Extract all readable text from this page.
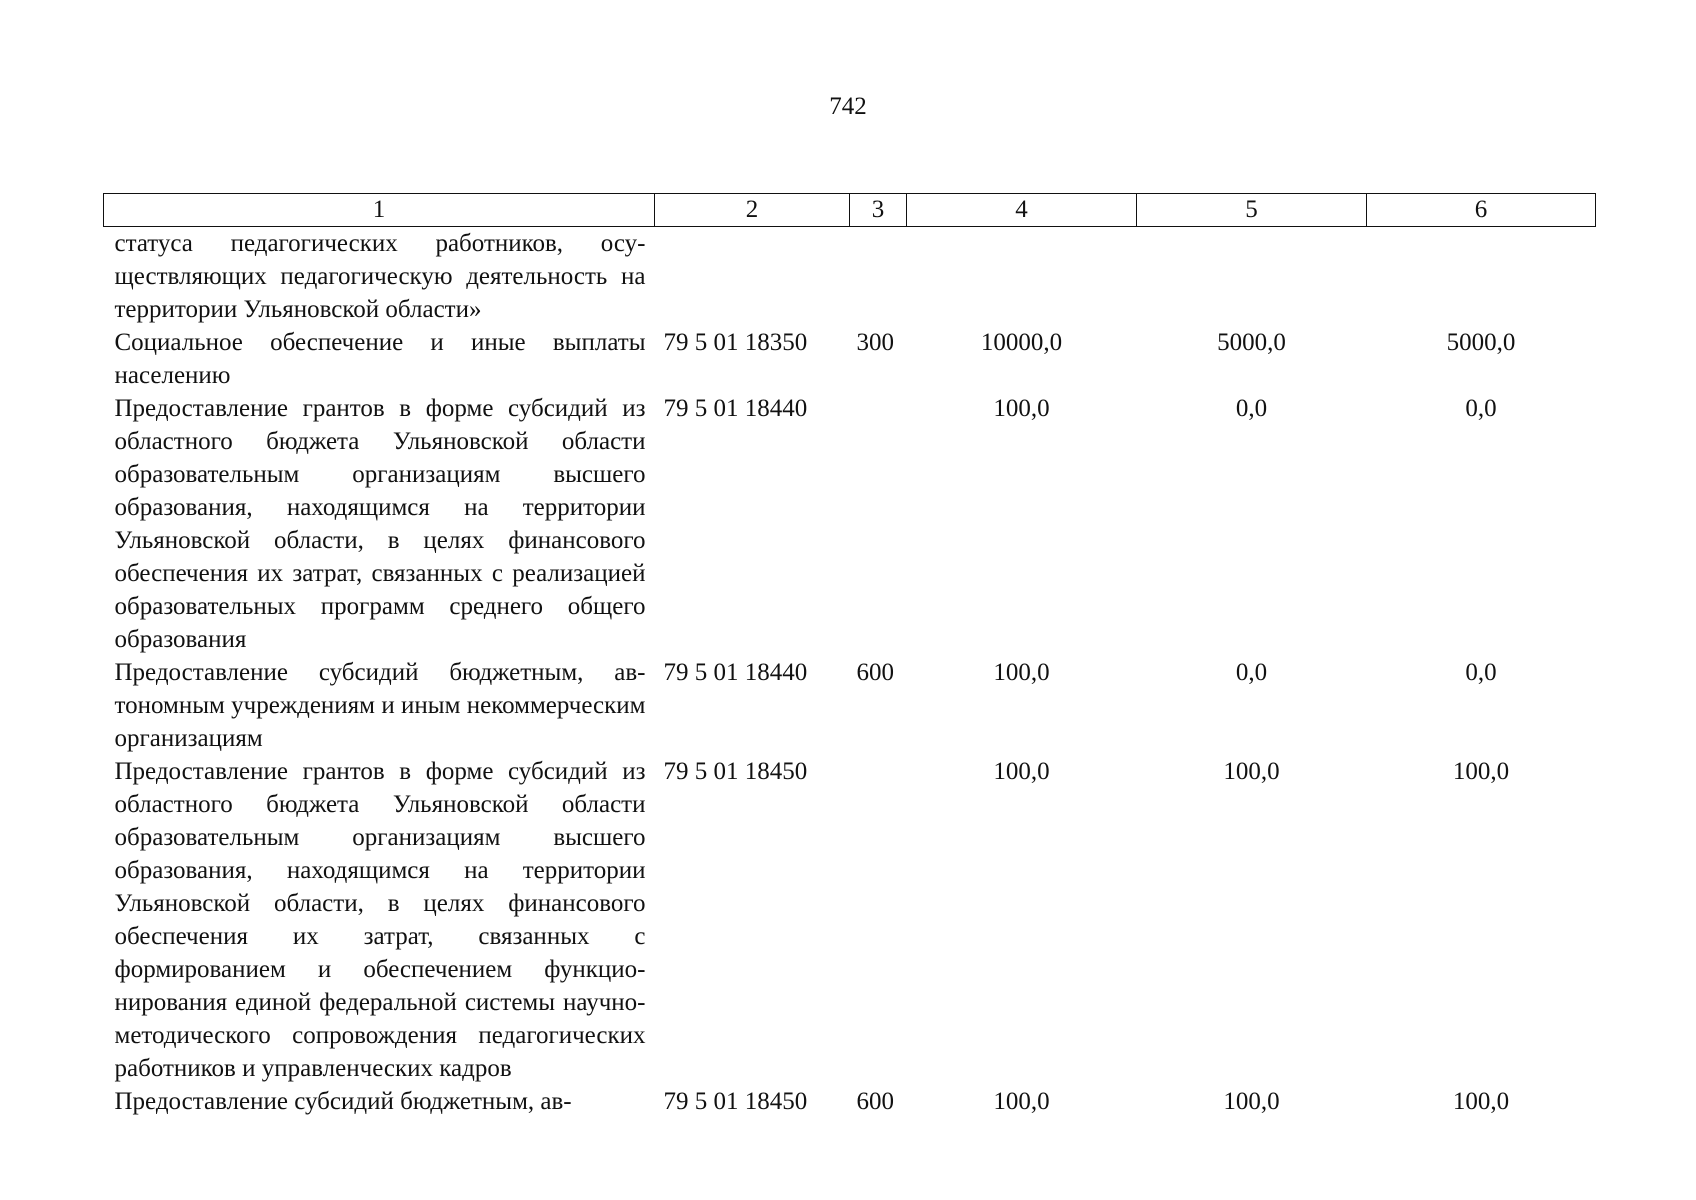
742
1	2	3	4	5	6
статуса педагогических работников, осуществляющих педагогическую деятельность на территории Ульяновской области»					
Социальное обеспечение и иные выплаты населению	79 5 01 18350	300	10000,0	5000,0	5000,0
Предоставление грантов в форме субсидий из областного бюджета Ульяновской области образовательным организациям высшего образования, находящимся на территории Ульяновской области, в целях финансового обеспечения их затрат, связанных с реализацией образовательных программ среднего общего образования	79 5 01 18440		100,0	0,0	0,0
Предоставление субсидий бюджетным, автономным учреждениям и иным некоммерческим организациям	79 5 01 18440	600	100,0	0,0	0,0
Предоставление грантов в форме субсидий из областного бюджета Ульяновской области образовательным организациям высшего образования, находящимся на территории Ульяновской области, в целях финансового обеспечения их затрат, связанных с формированием и обеспечением функционирования единой федеральной системы научно-методического сопровождения педагогических работников и управленческих кадров	79 5 01 18450		100,0	100,0	100,0
Предоставление субсидий бюджетным, ав-	79 5 01 18450	600	100,0	100,0	100,0
